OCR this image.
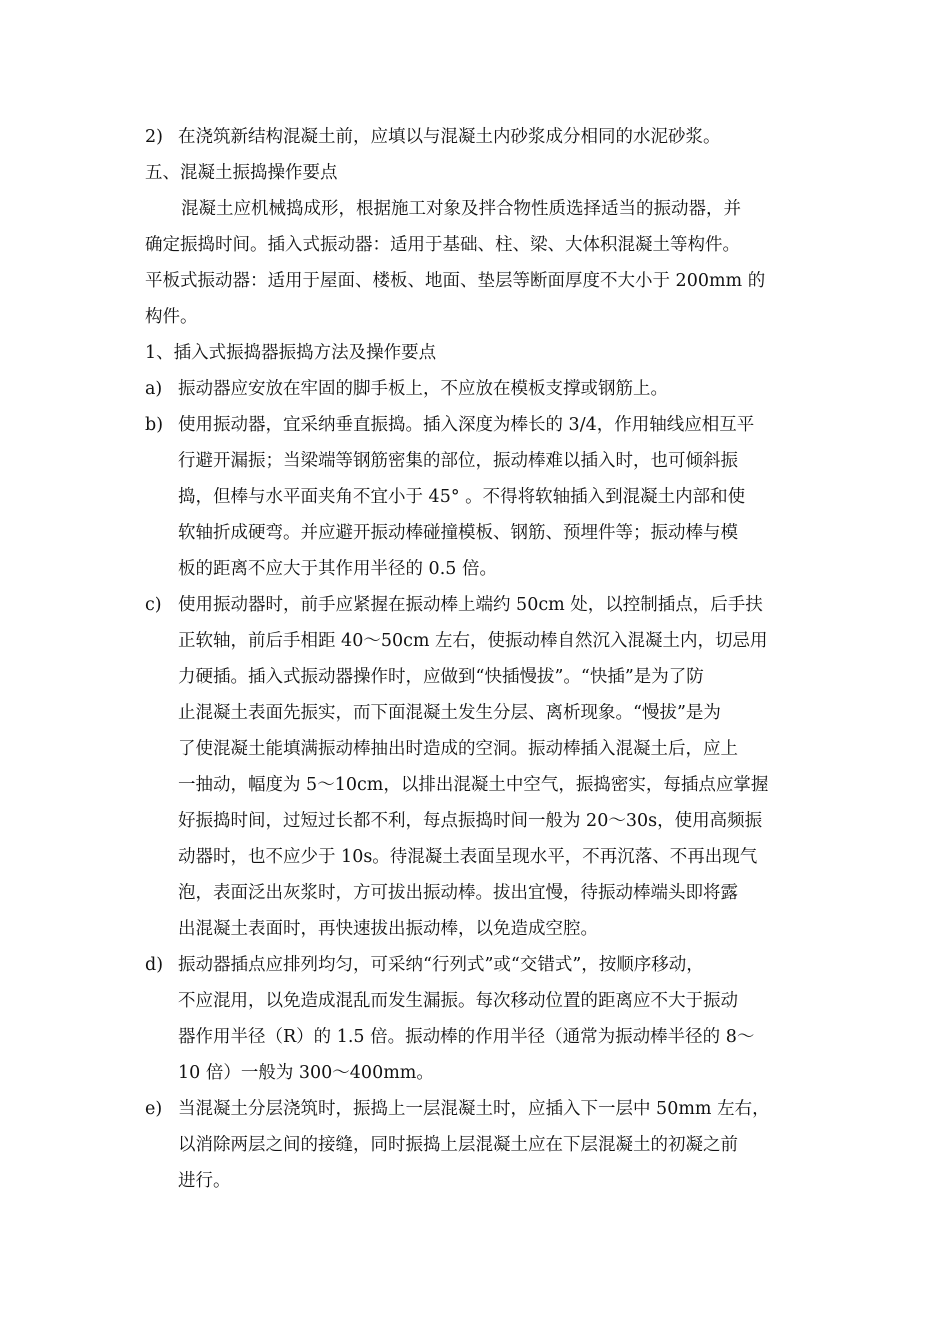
2) 在浇筑新结构混凝土前，应填以与混凝土内砂浆成分相同的水泥砂浆。
五、混凝土振捣操作要点
混凝土应机械捣成形，根据施工对象及拌合物性质选择适当的振动器，并
确定振捣时间。插入式振动器：适用于基础、柱、梁、大体积混凝土等构件。
平板式振动器：适用于屋面、楼板、地面、垫层等断面厚度不大小于 200mm 的
构件。
1、插入式振捣器振捣方法及操作要点
a) 振动器应安放在牢固的脚手板上，不应放在模板支撑或钢筋上。
b) 使用振动器，宜采纳垂直振捣。插入深度为棒长的 3/4，作用轴线应相互平
行避开漏振；当梁端等钢筋密集的部位，振动棒难以插入时，也可倾斜振
捣，但棒与水平面夹角不宜小于 45° 。不得将软轴插入到混凝土内部和使
软轴折成硬弯。并应避开振动棒碰撞模板、钢筋、预埋件等；振动棒与模
板的距离不应大于其作用半径的 0.5 倍。
c) 使用振动器时，前手应紧握在振动棒上端约 50cm 处，以控制插点，后手扶
正软轴，前后手相距 40～50cm 左右，使振动棒自然沉入混凝土内，切忌用
力硬插。插入式振动器操作时，应做到“快插慢拔”。“快插”是为了防
止混凝土表面先振实，而下面混凝土发生分层、离析现象。“慢拔”是为
了使混凝土能填满振动棒抽出时造成的空洞。振动棒插入混凝土后，应上
一抽动，幅度为 5～10cm，以排出混凝土中空气，振捣密实，每插点应掌握
好振捣时间，过短过长都不利，每点振捣时间一般为 20～30s，使用高频振
动器时，也不应少于 10s。待混凝土表面呈现水平，不再沉落、不再出现气
泡，表面泛出灰浆时，方可拔出振动棒。拔出宜慢，待振动棒端头即将露
出混凝土表面时，再快速拔出振动棒，以免造成空腔。
d) 振动器插点应排列均匀，可采纳“行列式”或“交错式”，按顺序移动，
不应混用，以免造成混乱而发生漏振。每次移动位置的距离应不大于振动
器作用半径（R）的 1.5 倍。振动棒的作用半径（通常为振动棒半径的 8～
10 倍）一般为 300～400mm。
e) 当混凝土分层浇筑时，振捣上一层混凝土时，应插入下一层中 50mm 左右，
以消除两层之间的接缝，同时振捣上层混凝土应在下层混凝土的初凝之前
进行。
